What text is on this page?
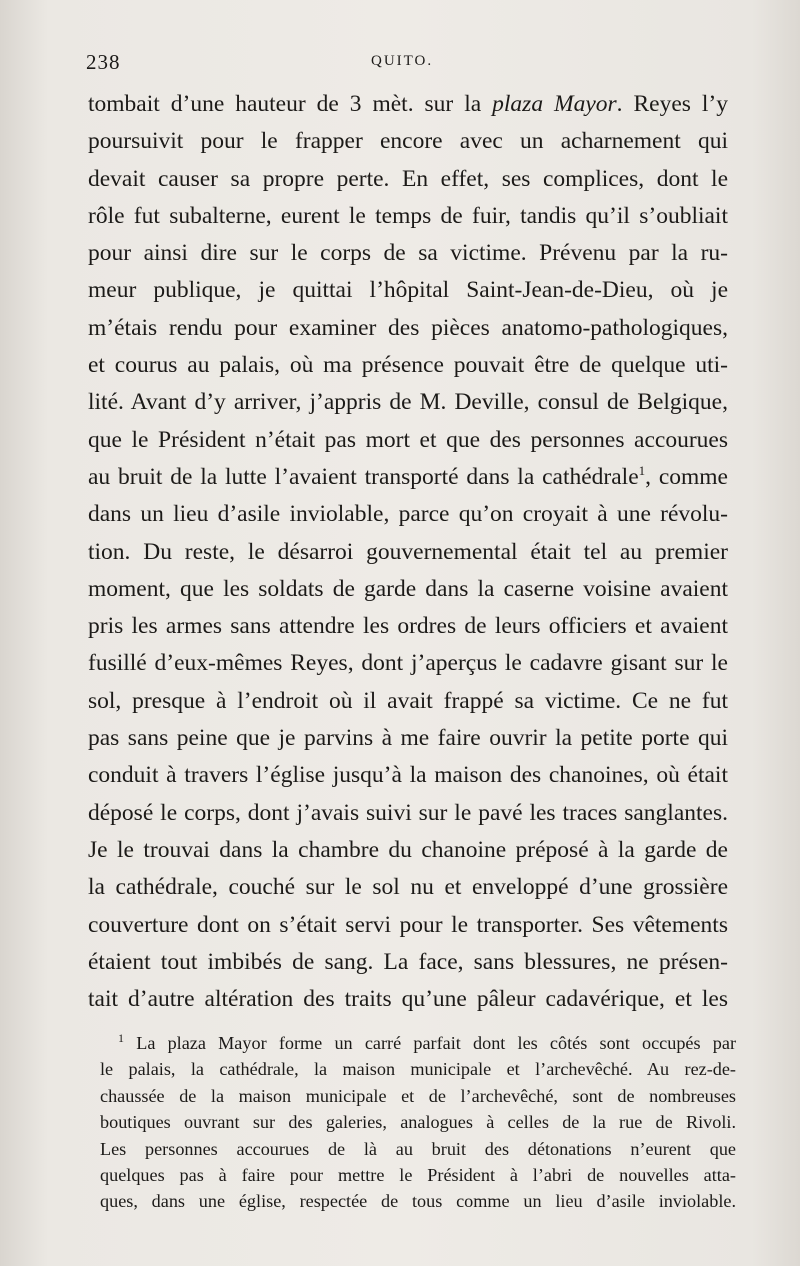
238	QUITO.
tombait d’une hauteur de 3 mèt. sur la plaza Mayor. Reyes l’y
poursuivit pour le frapper encore avec un acharnement qui
devait causer sa propre perte. En effet, ses complices, dont le
rôle fut subalterne, eurent le temps de fuir, tandis qu’il s’oubliait
pour ainsi dire sur le corps de sa victime. Prévenu par la ru-
meur publique, je quittai l’hôpital Saint-Jean-de-Dieu, où je
m’étais rendu pour examiner des pièces anatomo-pathologiques,
et courus au palais, où ma présence pouvait être de quelque uti-
lité. Avant d’y arriver, j’appris de M. Deville, consul de Belgique,
que le Président n’était pas mort et que des personnes accourues
au bruit de la lutte l’avaient transporté dans la cathédrale$^1$, comme
dans un lieu d’asile inviolable, parce qu’on croyait à une révolu-
tion. Du reste, le désarroi gouvernemental était tel au premier
moment, que les soldats de garde dans la caserne voisine avaient
pris les armes sans attendre les ordres de leurs officiers et avaient
fusillé d’eux-mêmes Reyes, dont j’aperçus le cadavre gisant sur le
sol, presque à l’endroit où il avait frappé sa victime. Ce ne fut
pas sans peine que je parvins à me faire ouvrir la petite porte qui
conduit à travers l’église jusqu’à la maison des chanoines, où était
déposé le corps, dont j’avais suivi sur le pavé les traces sanglantes.
Je le trouvai dans la chambre du chanoine préposé à la garde de
la cathédrale, couché sur le sol nu et enveloppé d’une grossière
couverture dont on s’était servi pour le transporter. Ses vêtements
étaient tout imbibés de sang. La face, sans blessures, ne présen-
tait d’autre altération des traits qu’une pâleur cadavérique, et les
$^1$ La plaza Mayor forme un carré parfait dont les côtés sont occupés par
le palais, la cathédrale, la maison municipale et l’archevêché. Au rez-de-
chaussée de la maison municipale et de l’archevêché, sont de nombreuses
boutiques ouvrant sur des galeries, analogues à celles de la rue de Rivoli.
Les personnes accourues de là au bruit des détonations n’eurent que
quelques pas à faire pour mettre le Président à l’abri de nouvelles atta-
ques, dans une église, respectée de tous comme un lieu d’asile inviolable.
